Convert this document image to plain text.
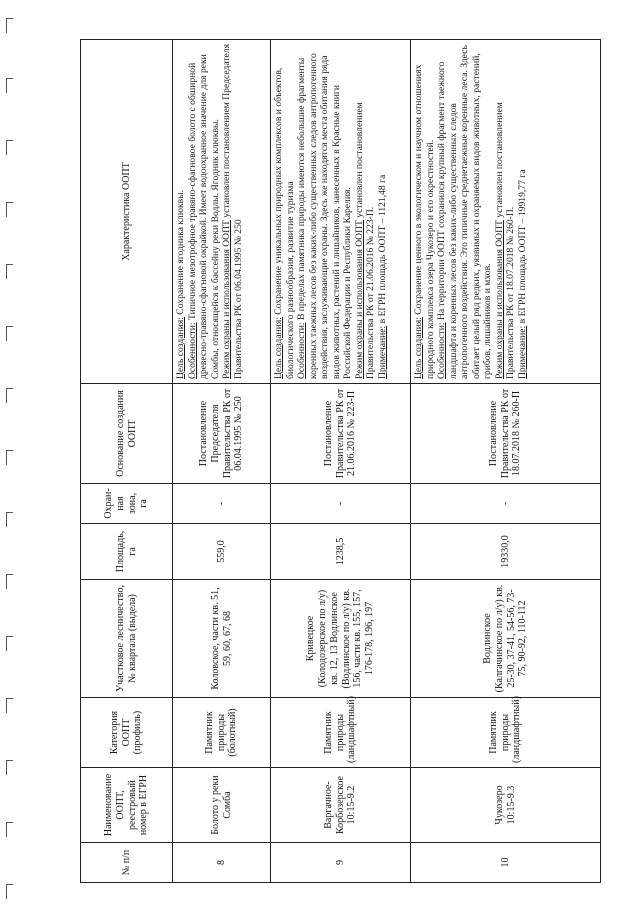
№ п/п	Наименование ООПТ, реестровый номер в ЕГРН	Категория ООПТ (профиль)	Участковое лесничество, № квартала (выдела)	Площадь, га	Охран-ная зона, га	Основание создания ООПТ	Характеристика ООПТ
8	Болото у реки Сомба	Памятник природы (болотный)	Коловское, части кв. 51, 59, 60, 67, 68	559,0	-	Постановление Председателя Правительства РК от 06.04.1995 № 250	Цель создания: Сохранение ягодника клюквы.
Особенности: Типичное мезотрофное травяно-сфагновое болото с обширной древесно-травяно-сфагновой окрайкой. Имеет водоохранное значение для реки Сомбы, относящейся к бассейну реки Водлы. Ягодник клюквы.
Режим охраны и использования ООПТ установлен постановлением Председателя Правительства РК от 06.04.1995 № 250
9	Варгачное-Корбозерское 10:15-9.2	Памятник природы (ландшафтный)	Кривецкое (Колодозерское по л/у) кв. 12, 13 Водлинское (Водлинское по л/у) кв. 156, части кв. 155, 157, 176-178, 196, 197	1238,5	-	Постановление Правительства РК от 21.06.2016 № 223-П	Цель создания: Сохранение уникальных природных комплексов и объектов, биологического разнообразия, развитие туризма
Особенности: В пределах памятника природы имеются небольшие фрагменты коренных таежных лесов без каких-либо существенных следов антропогенного воздействия, заслуживающие охраны. Здесь же находятся места обитания ряда видов животных, растений и лишайников, занесенных в Красные книги Российской Федерации и Республики Карелия.
Режим охраны и использования ООПТ установлен постановлением Правительства РК от 21.06.2016 № 223-П.
Примечание: в ЕГРН площадь ООПТ – 1121,48 га
10	Чукозеро 10:15-9.3	Памятник природы (ландшафтный)	Водлинское (Калгачинское по л/у) кв. 25-30, 37-41, 54-56, 73-75, 90-92, 110-112	19330,0	-	Постановление Правительства РК от 18.07.2018 № 260-П	Цель создания: Сохранение ценного в экологическом и научном отношениях природного комплекса озера Чукозеро и его окрестностей.
Особенности: На территории ООПТ сохранился крупный фрагмент таежного ландшафта и коренных лесов без каких-либо существенных следов антропогенного воздействия. Это типичные среднетаежные коренные леса. Здесь обитает целый ряд редких, уязвимых и охраняемых видов животных, растений, грибов, лишайников и мхов.
Режим охраны и использования ООПТ установлен постановлением Правительства РК от 18.07.2018 № 260-П.
Примечание: в ЕГРН площадь ООПТ – 19919,77 га
